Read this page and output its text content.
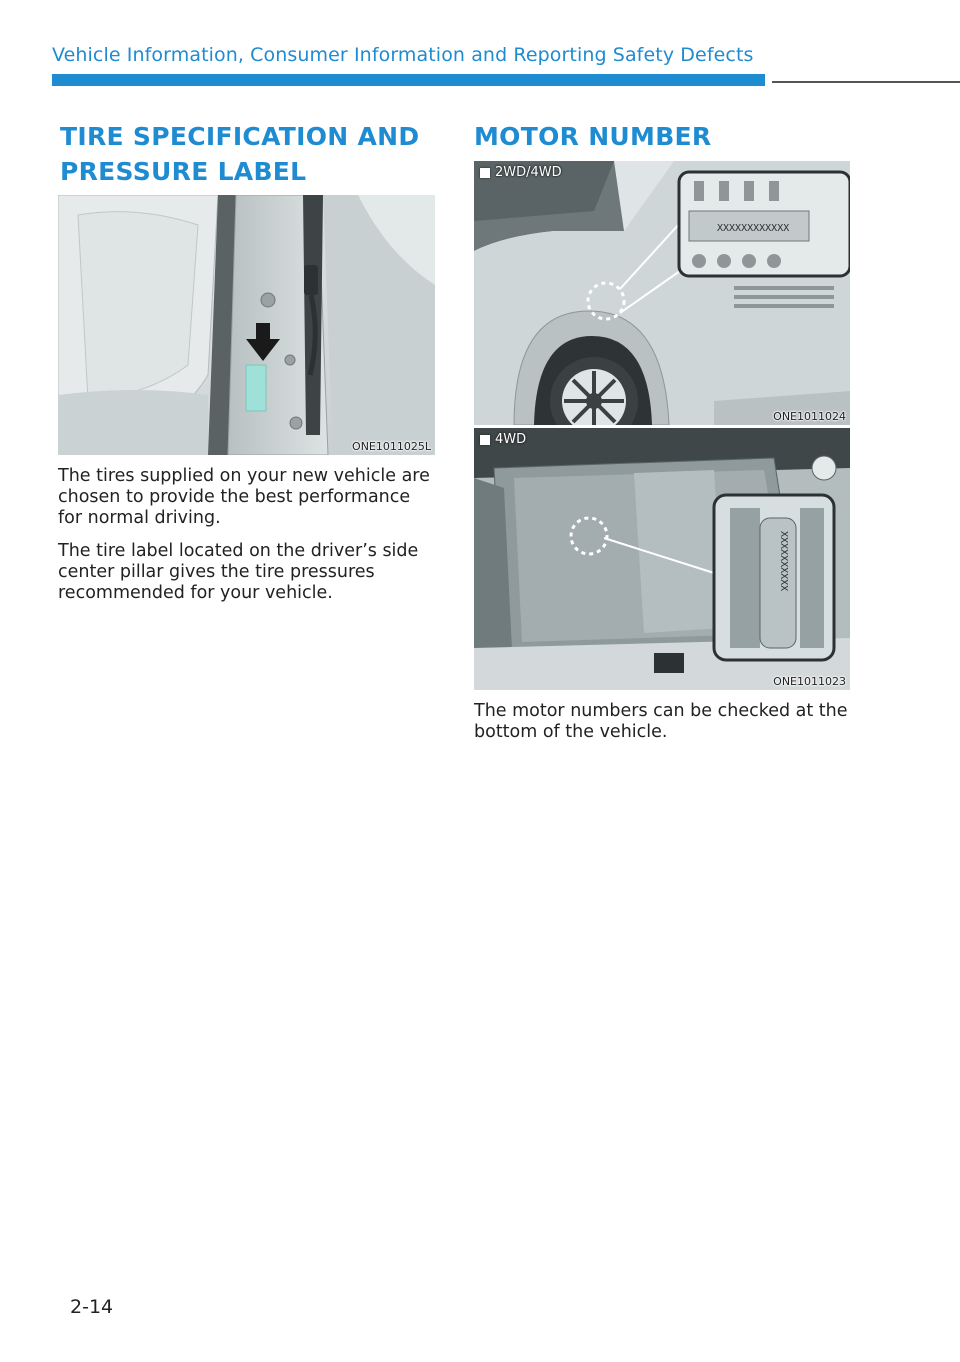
Vehicle Information, Consumer Information and Reporting Safety Defects
TIRE SPECIFICATION AND
PRESSURE LABEL
ONE1011025L

The tires supplied on your new vehicle are chosen to provide the best performance for normal driving.

The tire label located on the driver’s side center pillar gives the tire pressures recommended for your vehicle.

MOTOR NUMBER
XXXXXXXXXXXX
2WD/4WD
ONE1011024
XXXXXXXXXX
4WD
ONE1011023

The motor numbers can be checked at the bottom of the vehicle.

2-14
